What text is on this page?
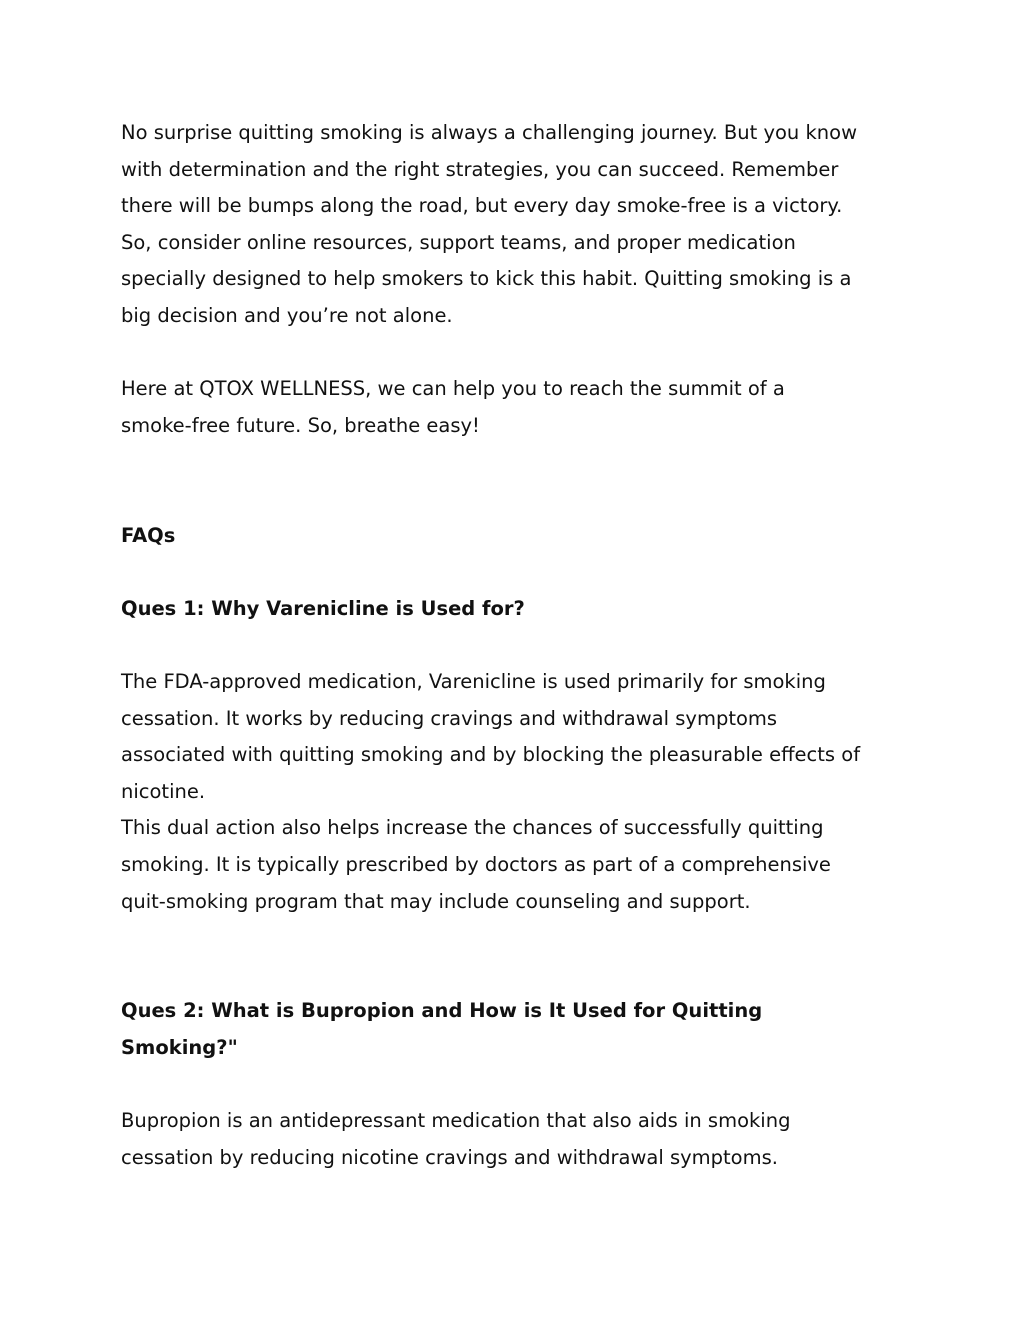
No surprise quitting smoking is always a challenging journey. But you know
with determination and the right strategies, you can succeed. Remember
there will be bumps along the road, but every day smoke-free is a victory.
So, consider online resources, support teams, and proper medication
specially designed to help smokers to kick this habit. Quitting smoking is a
big decision and you’re not alone.

Here at QTOX WELLNESS, we can help you to reach the summit of a
smoke-free future. So, breathe easy!

FAQs

Ques 1: Why Varenicline is Used for?

The FDA-approved medication, Varenicline is used primarily for smoking
cessation. It works by reducing cravings and withdrawal symptoms
associated with quitting smoking and by blocking the pleasurable effects of
nicotine.
This dual action also helps increase the chances of successfully quitting
smoking. It is typically prescribed by doctors as part of a comprehensive
quit-smoking program that may include counseling and support.

Ques 2: What is Bupropion and How is It Used for Quitting
Smoking?"

Bupropion is an antidepressant medication that also aids in smoking
cessation by reducing nicotine cravings and withdrawal symptoms.
